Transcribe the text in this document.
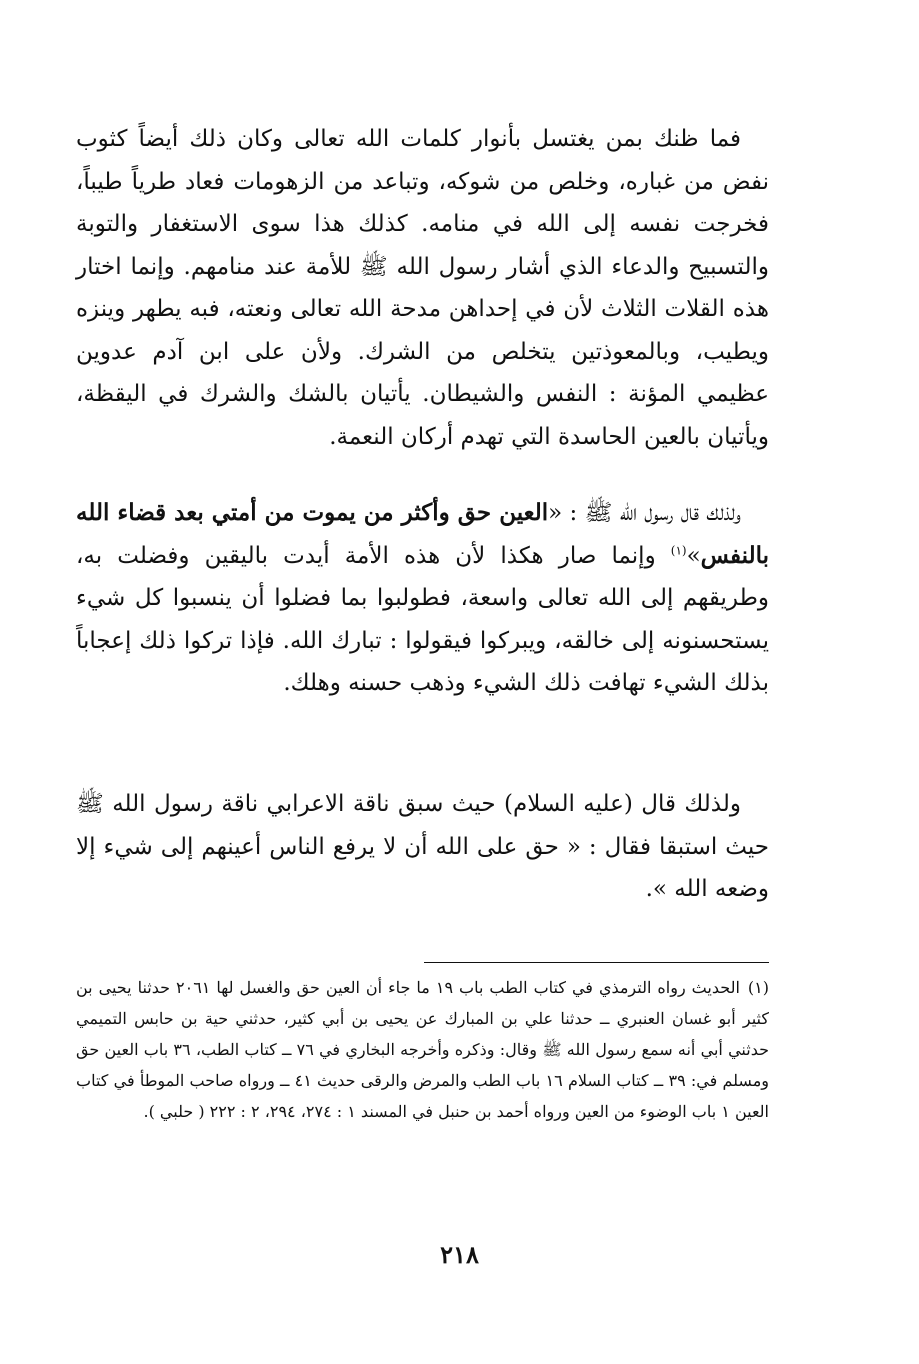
فما ظنك بمن يغتسل بأنوار كلمات الله تعالى وكان ذلك أيضاً كثوب نفض من غباره، وخلص من شوكه، وتباعد من الزهومات فعاد طرياً طيباً، فخرجت نفسه إلى الله في منامه. كذلك هذا سوى الاستغفار والتوبة والتسبيح والدعاء الذي أشار رسول الله ﷺ للأمة عند منامهم. وإنما اختار هذه القلات الثلاث لأن في إحداهن مدحة الله تعالى ونعته، فبه يطهر وينزه ويطيب، وبالمعوذتين يتخلص من الشرك. ولأن على ابن آدم عدوين عظيمي المؤنة : النفس والشيطان. يأتيان بالشك والشرك في اليقظة، ويأتيان بالعين الحاسدة التي تهدم أركان النعمة.

ولذلك قال رسول الله ﷺ : «العين حق وأكثر من يموت من أمتي بعد قضاء الله بالنفس»$^{(١)}$ وإنما صار هكذا لأن هذه الأمة أيدت باليقين وفضلت به، وطريقهم إلى الله تعالى واسعة، فطولبوا بما فضلوا أن ينسبوا كل شيء يستحسنونه إلى خالقه، ويبركوا فيقولوا : تبارك الله. فإذا تركوا ذلك إعجاباً بذلك الشيء تهافت ذلك الشيء وذهب حسنه وهلك.

ولذلك قال (عليه السلام) حيث سبق ناقة الاعرابي ناقة رسول الله ﷺ حيث استبقا فقال : « حق على الله أن لا يرفع الناس أعينهم إلى شيء إلا وضعه الله ».

(١)الحديث رواه الترمذي في كتاب الطب باب ١٩ ما جاء أن العين حق والغسل لها ٢٠٦١ حدثنا يحيى بن كثير أبو غسان العنبري ــ حدثنا علي بن المبارك عن يحيى بن أبي كثير، حدثني حية بن حابس التميمي حدثني أبي أنه سمع رسول الله ﷺ وقال: وذكره وأخرجه البخاري في ٧٦ ــ كتاب الطب، ٣٦ باب العين حق ومسلم في: ٣٩ ــ كتاب السلام ١٦ باب الطب والمرض والرقى حديث ٤١ ــ ورواه صاحب الموطأ في كتاب العين ١ باب الوضوء من العين ورواه أحمد بن حنبل في المسند ١ : ٢٧٤، ٢٩٤، ٢ : ٢٢٢ ( حلبي ).
٢١٨
